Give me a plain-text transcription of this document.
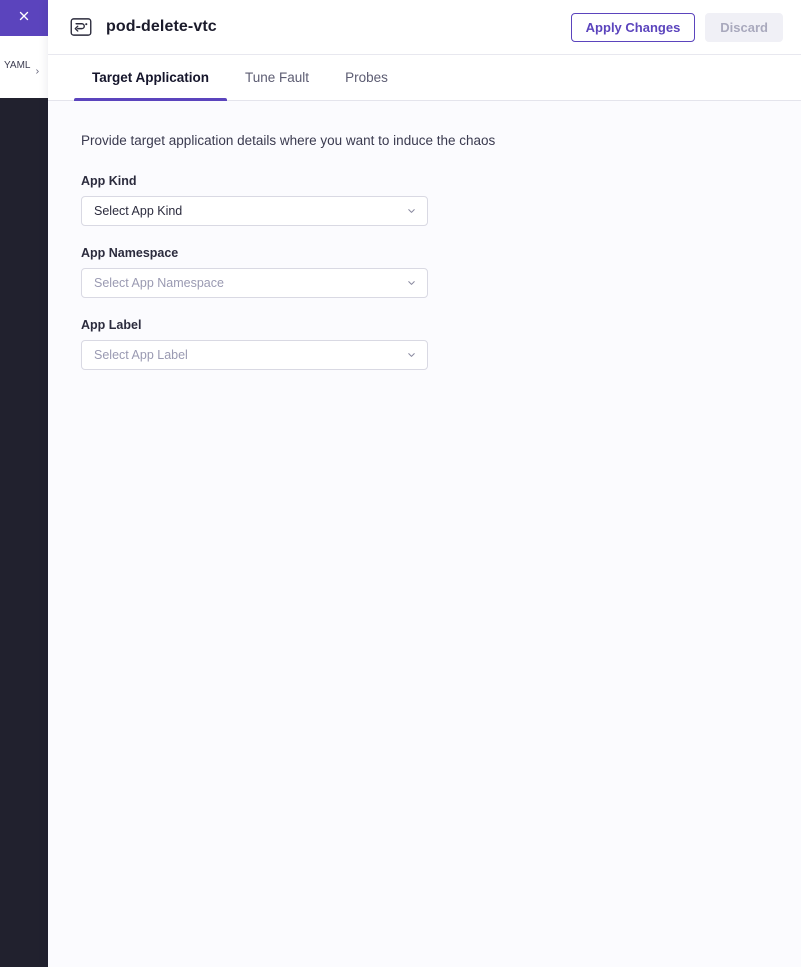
YAML
pod-delete-vtc	Apply Changes	Discard
Target Application	Tune Fault	Probes
Provide target application details where you want to induce the chaos
App Kind
Select App Kind
App Namespace
Select App Namespace
App Label
Select App Label
